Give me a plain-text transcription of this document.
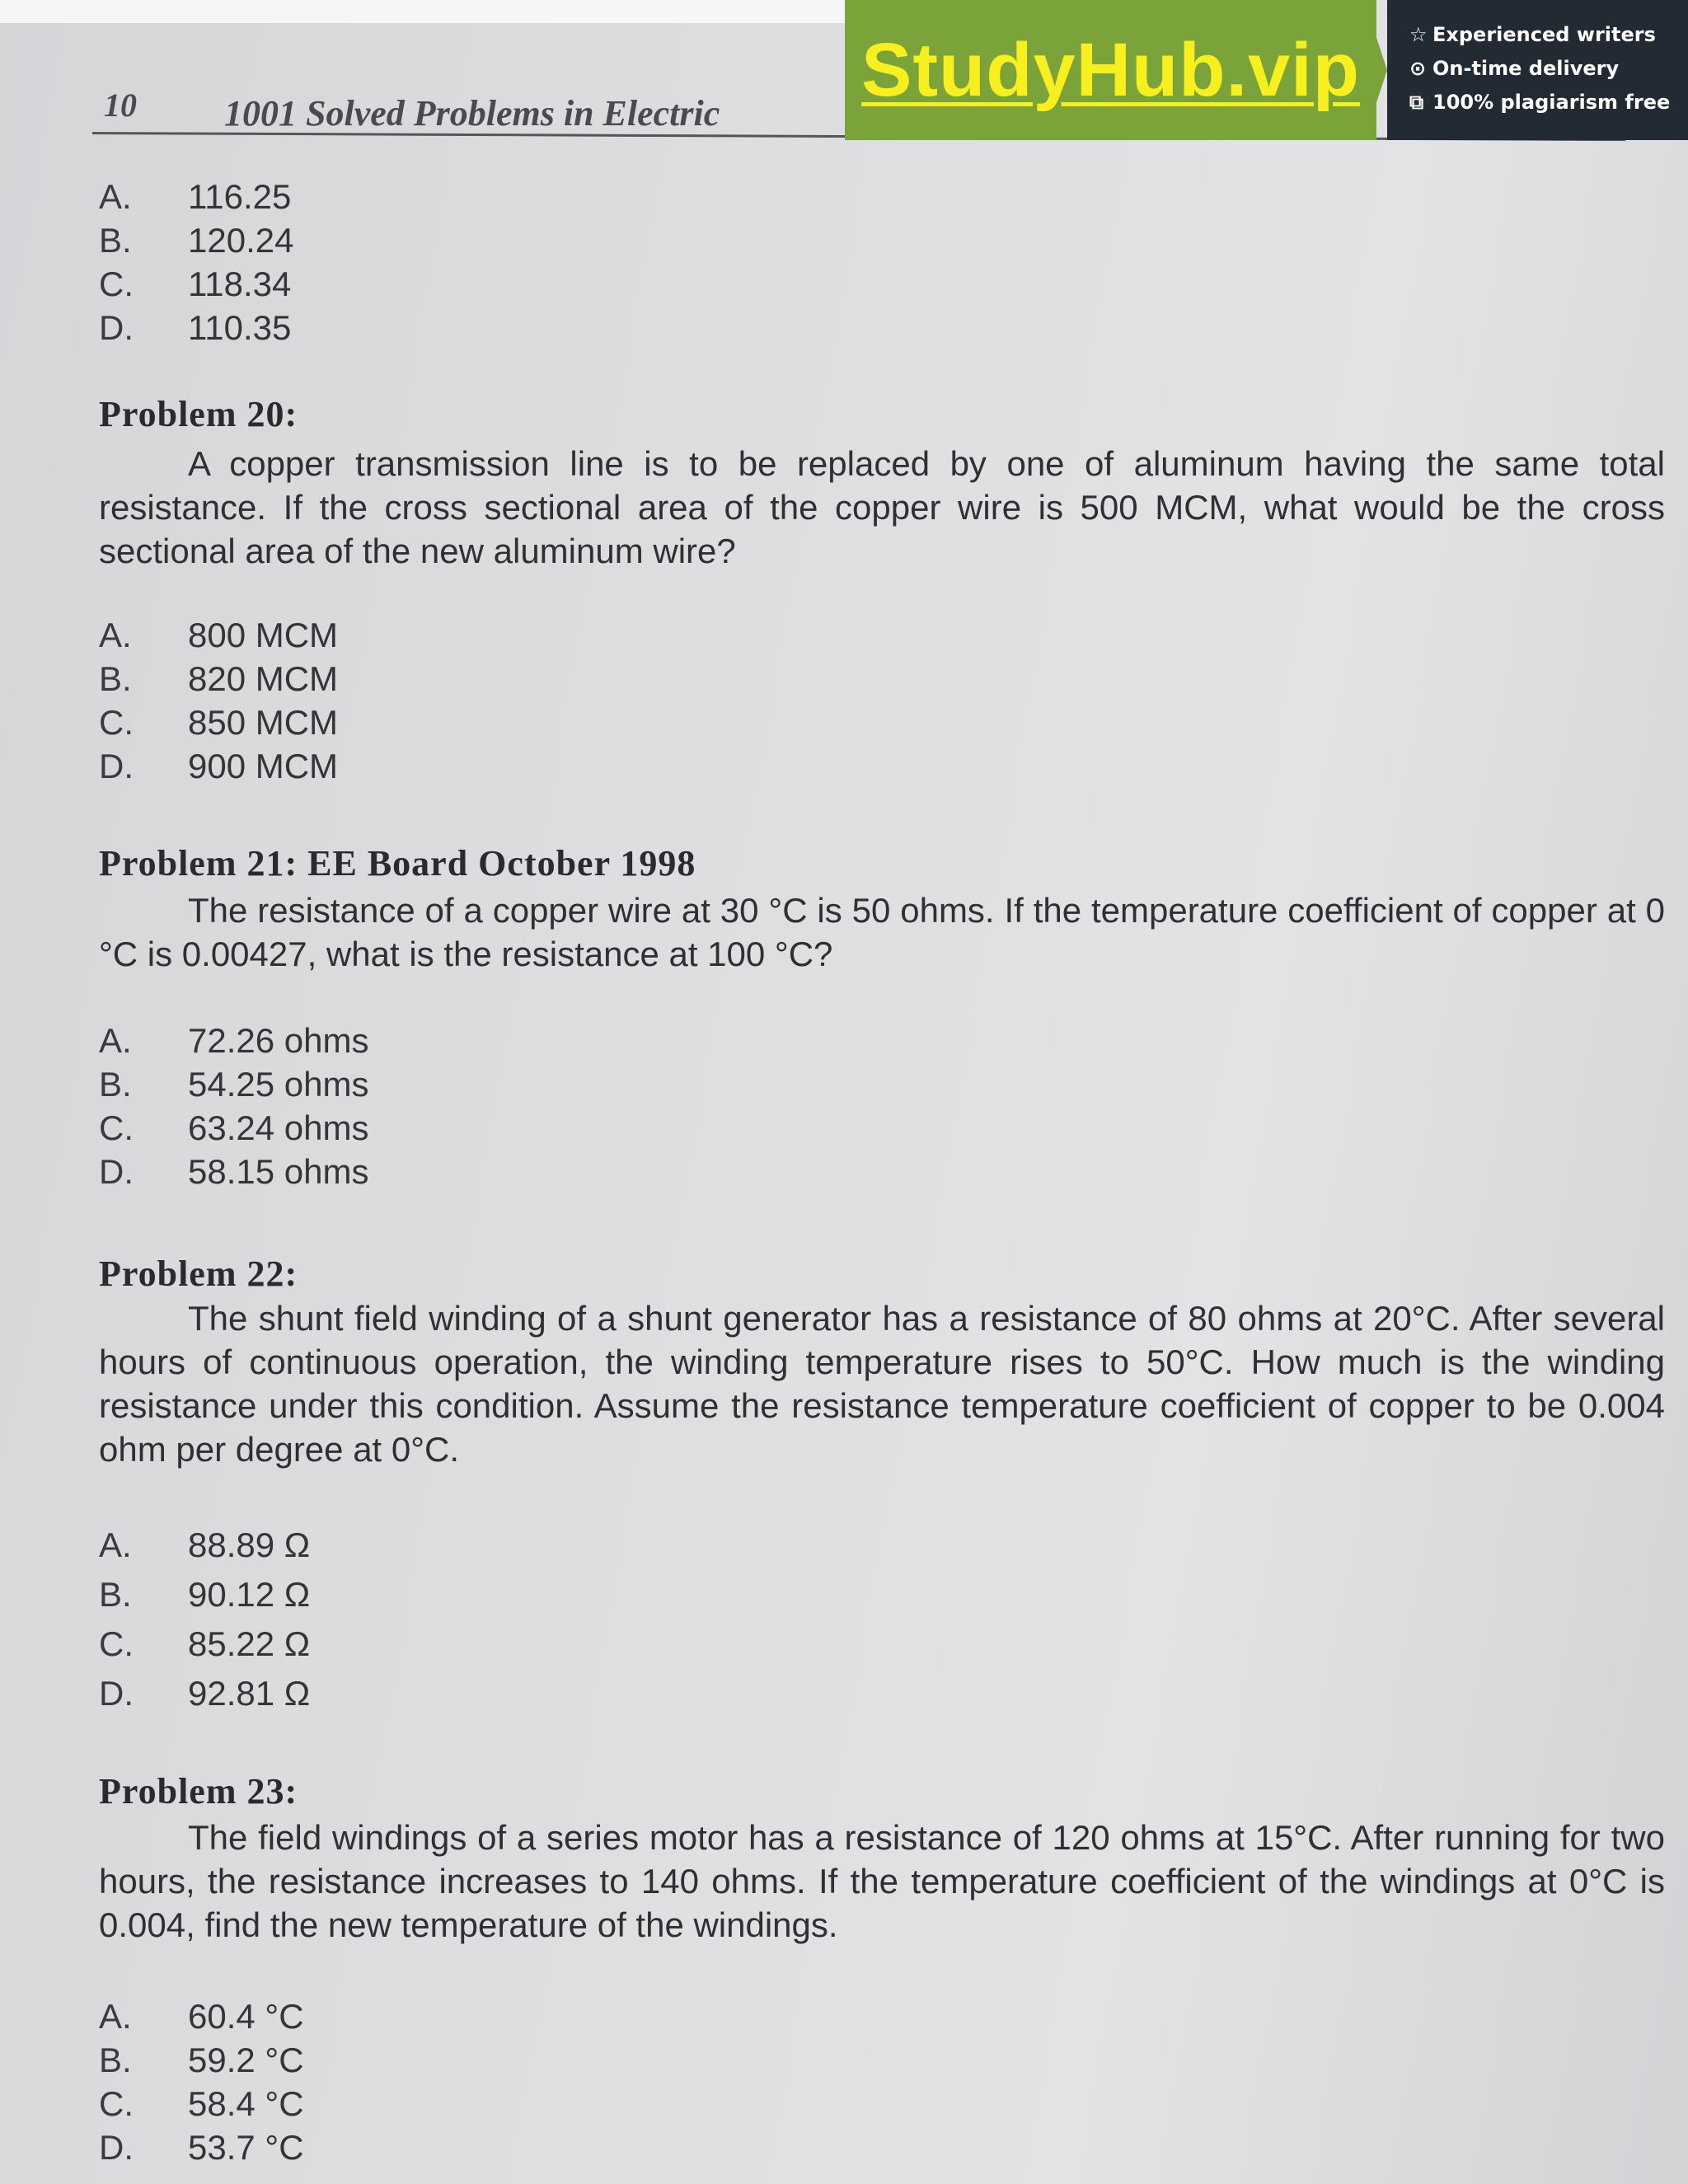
10 1001 Solved Problems in Electric
A.	116.25
B.	120.24
C.	118.34
D.	110.35
Problem 20:
A copper transmission line is to be replaced by one of aluminum having the same total resistance. If the cross sectional area of the copper wire is 500 MCM, what would be the cross sectional area of the new aluminum wire?
A.	800 MCM
B.	820 MCM
C.	850 MCM
D.	900 MCM
Problem 21: EE Board October 1998
The resistance of a copper wire at 30 °C is 50 ohms. If the temperature coefficient of copper at 0 °C is 0.00427, what is the resistance at 100 °C?
A.	72.26 ohms
B.	54.25 ohms
C.	63.24 ohms
D.	58.15 ohms
Problem 22:
The shunt field winding of a shunt generator has a resistance of 80 ohms at 20°C. After several hours of continuous operation, the winding temperature rises to 50°C. How much is the winding resistance under this condition. Assume the resistance temperature coefficient of copper to be 0.004 ohm per degree at 0°C.
A.	88.89 Ω
B.	90.12 Ω
C.	85.22 Ω
D.	92.81 Ω
Problem 23:
The field windings of a series motor has a resistance of 120 ohms at 15°C. After running for two hours, the resistance increases to 140 ohms. If the temperature coefficient of the windings at 0°C is 0.004, find the new temperature of the windings.
A.	60.4 °C
B.	59.2 °C
C.	58.4 °C
D.	53.7 °C
StudyHub.vip	☆ Experienced writers
⊙ On-time delivery
⧉ 100% plagiarism free
